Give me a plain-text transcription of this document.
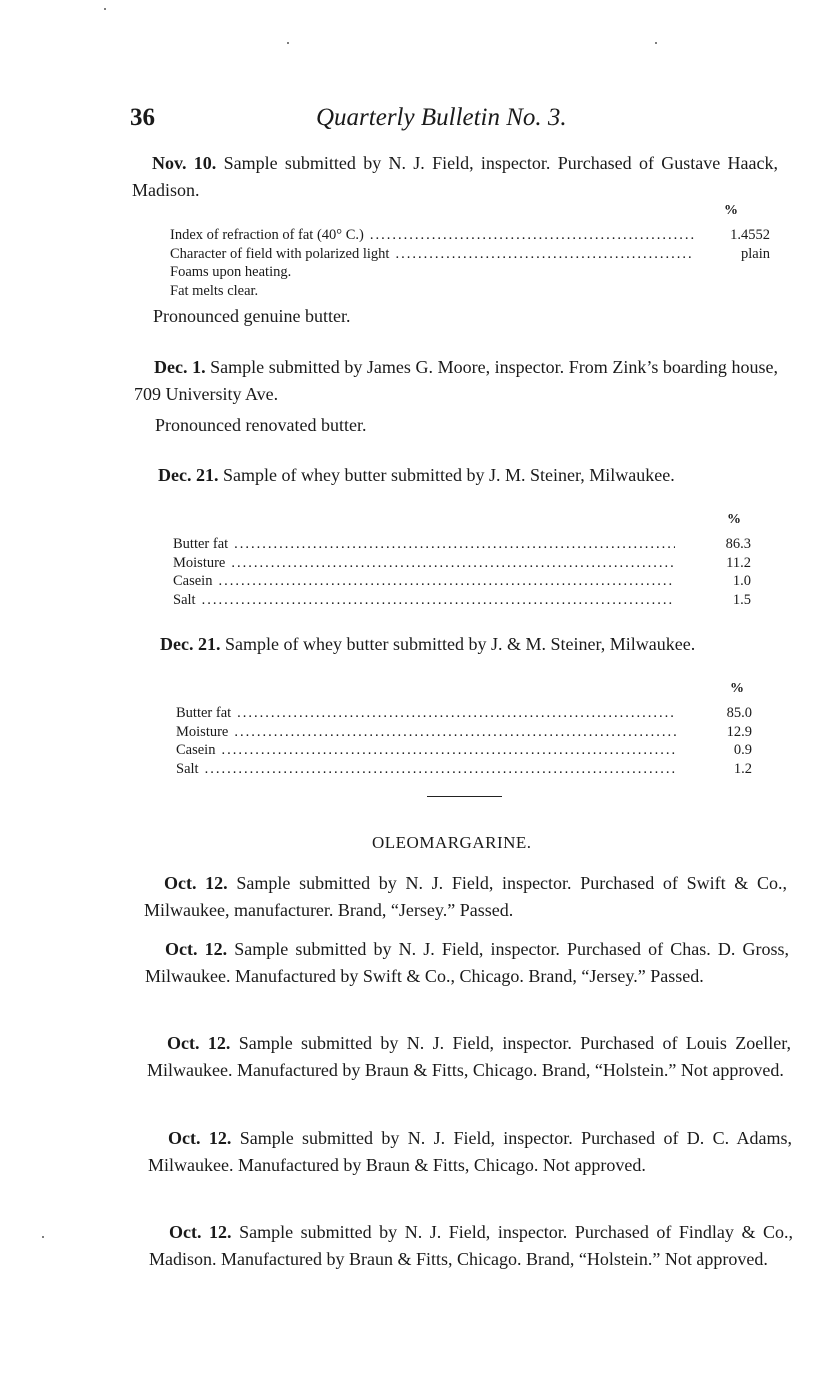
36	Quarterly Bulletin No. 3.
Nov. 10. Sample submitted by N. J. Field, inspector. Purchased of Gustave Haack, Madison.
%
Index of refraction of fat (40° C.) .....	1.4552
Character of field with polarized light .....	plain
Foams upon heating.
Fat melts clear.
Pronounced genuine butter.
Dec. 1. Sample submitted by James G. Moore, inspector. From Zink’s boarding house, 709 University Ave.
Pronounced renovated butter.
Dec. 21. Sample of whey butter submitted by J. M. Steiner, Milwaukee.
%
Butter fat .....	86.3
Moisture .....	11.2
Casein .....	1.0
Salt .....	1.5
Dec. 21. Sample of whey butter submitted by J. & M. Steiner, Milwaukee.
%
Butter fat .....	85.0
Moisture .....	12.9
Casein .....	0.9
Salt .....	1.2
OLEOMARGARINE.
Oct. 12. Sample submitted by N. J. Field, inspector. Purchased of Swift & Co., Milwaukee, manufacturer. Brand, “Jersey.” Passed.
Oct. 12. Sample submitted by N. J. Field, inspector. Purchased of Chas. D. Gross, Milwaukee. Manufactured by Swift & Co., Chicago. Brand, “Jersey.” Passed.
Oct. 12. Sample submitted by N. J. Field, inspector. Purchased of Louis Zoeller, Milwaukee. Manufactured by Braun & Fitts, Chicago. Brand, “Holstein.” Not approved.
Oct. 12. Sample submitted by N. J. Field, inspector. Purchased of D. C. Adams, Milwaukee. Manufactured by Braun & Fitts, Chicago. Not approved.
Oct. 12. Sample submitted by N. J. Field, inspector. Purchased of Findlay & Co., Madison. Manufactured by Braun & Fitts, Chicago. Brand, “Holstein.” Not approved.
